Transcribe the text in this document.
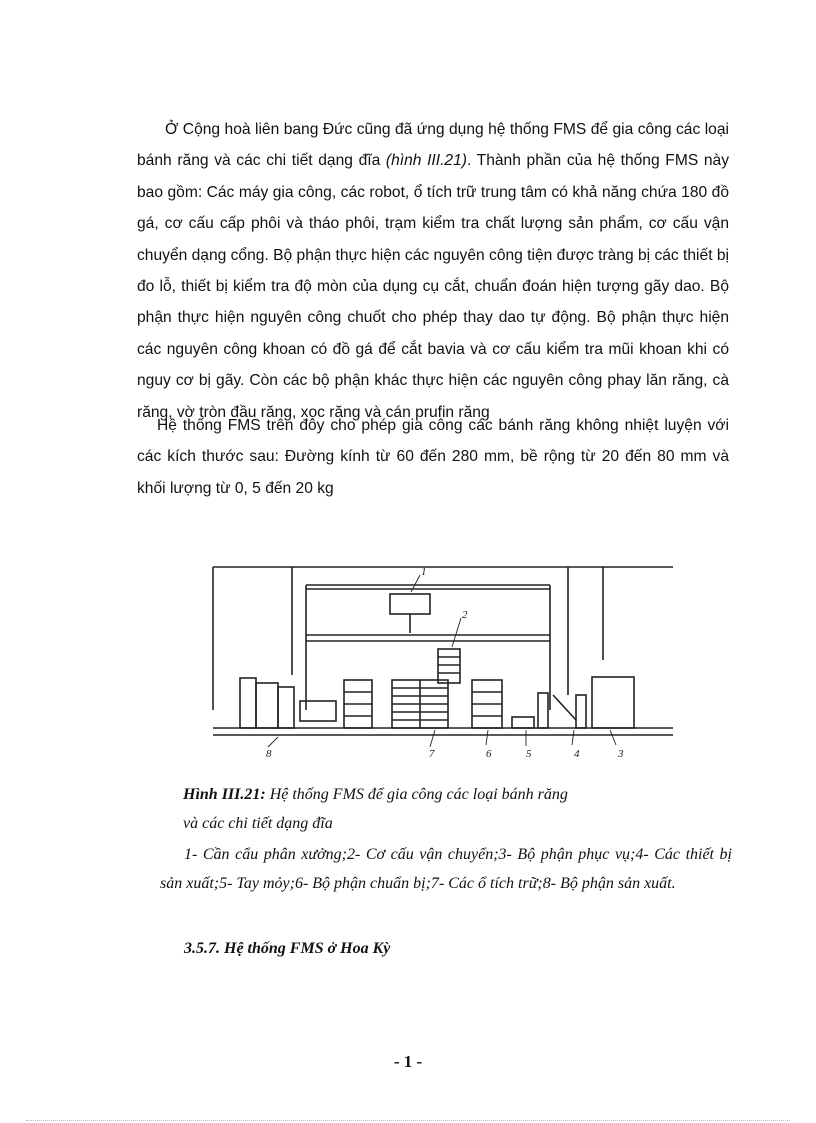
Ở Cộng hoà liên bang Đức cũng đã ứng dụng hệ thống FMS để gia công các loại bánh răng và các chi tiết dạng đĩa (hình III.21). Thành phần của hệ thống FMS này bao gồm: Các máy gia công, các robot, ổ tích trữ trung tâm có khả năng chứa 180 đồ gá, cơ cấu cấp phôi và tháo phôi, trạm kiểm tra chất lượng sản phẩm, cơ cấu vận chuyển dạng cổng. Bộ phận thực hiện các nguyên công tiện được tràng bị các thiết bị đo lỗ, thiết bị kiểm tra độ mòn của dụng cụ cắt, chuẩn đoán hiện tượng gãy dao. Bộ phận thực hiện nguyên công chuốt cho phép thay dao tự động. Bộ phận thực hiện các nguyên công khoan có đồ gá để cắt bavia và cơ cấu kiểm tra mũi khoan khi có nguy cơ bị gãy. Còn các bộ phận khác thực hiện các nguyên công phay lăn răng, cà răng, vờ tròn đầu răng, xọc răng và cán prufin răng

Hệ thống FMS trên đôy cho phép gia công các bánh răng không nhiệt luyện với các kích thước sau: Đường kính từ 60 đến 280 mm, bề rộng từ 20 đến 80 mm và khối lượng từ 0, 5 đến 20 kg

1
2
3
4
5
6
7
8
Hình III.21: Hệ thống FMS để gia công các loại bánh răng
và các chi tiết dạng đĩa
1- Cần cẩu phân xưởng;2- Cơ cấu vận chuyển;3- Bộ phận phục vụ;4- Các thiết bị sản xuất;5- Tay mỏy;6- Bộ phận chuẩn bị;7- Các ổ tích trữ;8- Bộ phận sản xuất.
3.5.7. Hệ thống FMS ở Hoa Kỳ
- 1 -
